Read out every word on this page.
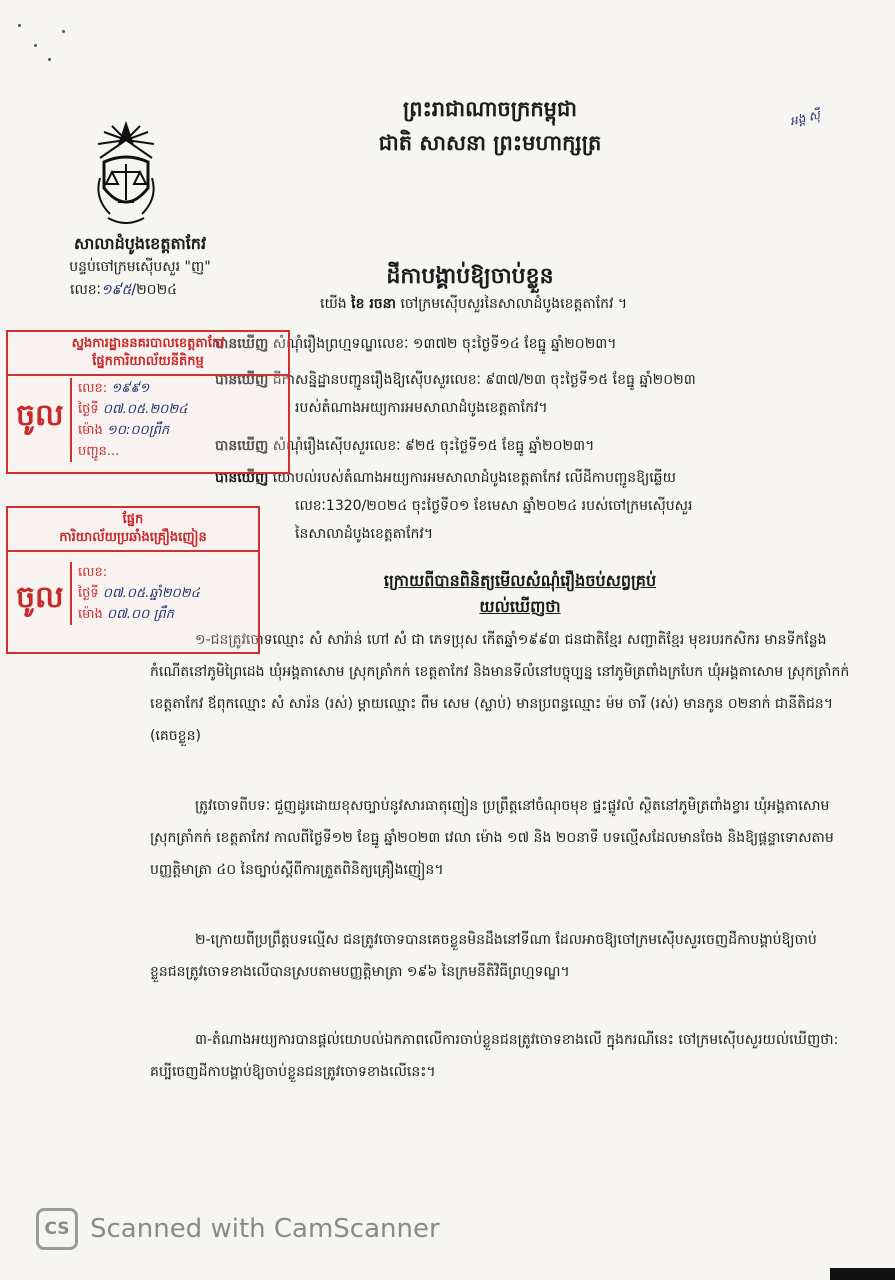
ព្រះរាជាណាចក្រកម្ពុជា
ជាតិ សាសនា ព្រះមហាក្សត្រ
អង្គ ស៊ី
សាលាដំបូងខេត្តតាកែវ
បន្ទប់ចៅក្រមស៊ើបសួរ "ញ"
លេខៈ១៩៥/២០២៤
ដីកាបង្គាប់ឱ្យចាប់ខ្លួន
យើង ខៃ រចនា ចៅក្រមស៊ើបសួរនៃសាលាដំបូងខេត្តតាកែវ ។
បានឃើញ សំណុំរឿងព្រហ្មទណ្ឌលេខៈ ១៣៧២ ចុះថ្ងៃទី១៤ ខែធ្នូ ឆ្នាំ២០២៣។
បានឃើញ ដីកាសន្និដ្ឋានបញ្ជូនរឿងឱ្យស៊ើបសួរលេខៈ ៩៣៧/២៣ ចុះថ្ងៃទី១៥ ខែធ្នូ ឆ្នាំ២០២៣
របស់តំណាងអយ្យការអមសាលាដំបូងខេត្តតាកែវ។
បានឃើញ សំណុំរឿងស៊ើបសួរលេខៈ ៩២៥ ចុះថ្ងៃទី១៥ ខែធ្នូ ឆ្នាំ២០២៣។
បានឃើញ យោបល់របស់តំណាងអយ្យការអមសាលាដំបូងខេត្តតាកែវ លើដីកាបញ្ជូនឱ្យឆ្លើយ
លេខៈ1320/២០២៤ ចុះថ្ងៃទី០១ ខែមេសា ឆ្នាំ២០២៤ របស់ចៅក្រមស៊ើបសួរ
នៃសាលាដំបូងខេត្តតាកែវ។
ក្រោយពីបានពិនិត្យមើលសំណុំរឿងចប់សព្វគ្រប់
យល់ឃើញថា
១-ជនត្រូវចោទឈ្មោះ សំ សារ៉ាន់ ហៅ សំ ជា ភេទប្រុស កើតឆ្នាំ១៩៩៣ ជនជាតិខ្មែរ សញ្ជាតិខ្មែរ មុខរបរកសិករ មានទីកន្លែងកំណើតនៅភូមិព្រៃដេង ឃុំអង្គតាសោម ស្រុកត្រាំកក់ ខេត្តតាកែវ និងមានទីលំនៅបច្ចុប្បន្ន នៅភូមិត្រពាំងក្របែក ឃុំអង្គតាសោម ស្រុកត្រាំកក់ ខេត្តតាកែវ ឪពុកឈ្មោះ សំ សារ៉ន (រស់) ម្តាយឈ្មោះ ពឹម សេម (ស្លាប់) មានប្រពន្ធឈ្មោះ ម៉ម ចារី (រស់) មានកូន ០២នាក់ ជានីតិជន។ (គេចខ្លួន)
ត្រូវចោទពីបទៈ ជួញដូរដោយខុសច្បាប់នូវសារធាតុញៀន ប្រព្រឹត្តនៅចំណុចមុខ ផ្ទះផ្លូវលំ ស្ថិតនៅភូមិត្រពាំងខ្វារ ឃុំអង្គតាសោម ស្រុកត្រាំកក់ ខេត្តតាកែវ កាលពីថ្ងៃទី១២ ខែធ្នូ ឆ្នាំ២០២៣ វេលា ម៉ោង ១៧ និង ២០នាទី បទល្មើសដែលមានចែង និងឱ្យផ្តន្ទាទោសតាមបញ្ញត្តិមាត្រា ៤០ នៃច្បាប់ស្តីពីការត្រួតពិនិត្យគ្រឿងញៀន។
២-ក្រោយពីប្រព្រឹត្តបទល្មើស ជនត្រូវចោទបានគេចខ្លួនមិនដឹងនៅទីណា ដែលអាចឱ្យចៅក្រមស៊ើបសួរចេញដីកាបង្គាប់ឱ្យចាប់ខ្លួនជនត្រូវចោទខាងលើបានស្របតាមបញ្ញត្តិមាត្រា ១៩៦ នៃក្រមនីតិវិធីព្រហ្មទណ្ឌ។
៣-តំណាងអយ្យការបានផ្តល់យោបល់ឯកភាពលើការចាប់ខ្លួនជនត្រូវចោទខាងលើ ក្នុងករណីនេះ ចៅក្រមស៊ើបសួរយល់ឃើញថា: គប្បីចេញដីកាបង្គាប់ឱ្យចាប់ខ្លួនជនត្រូវចោទខាងលើនេះ។
ស្នងការដ្ឋាននគរបាលខេត្តតាកែវ
ផ្នែកការិយាល័យនីតិកម្ម
ចូល
លេខ: ១៩៩១
ថ្ងៃទី ០៧.០៥.២០២៤
ម៉ោង ១០:០០ព្រឹក
បញ្ជូន...
ផ្នែក
ការិយាល័យប្រឆាំងគ្រឿងញៀន
ចូល
លេខ:
ថ្ងៃទី ០៧.០៥.ឆ្នាំ២០២៤
ម៉ោង ០៧.០០ ព្រឹក
CS Scanned with CamScanner
